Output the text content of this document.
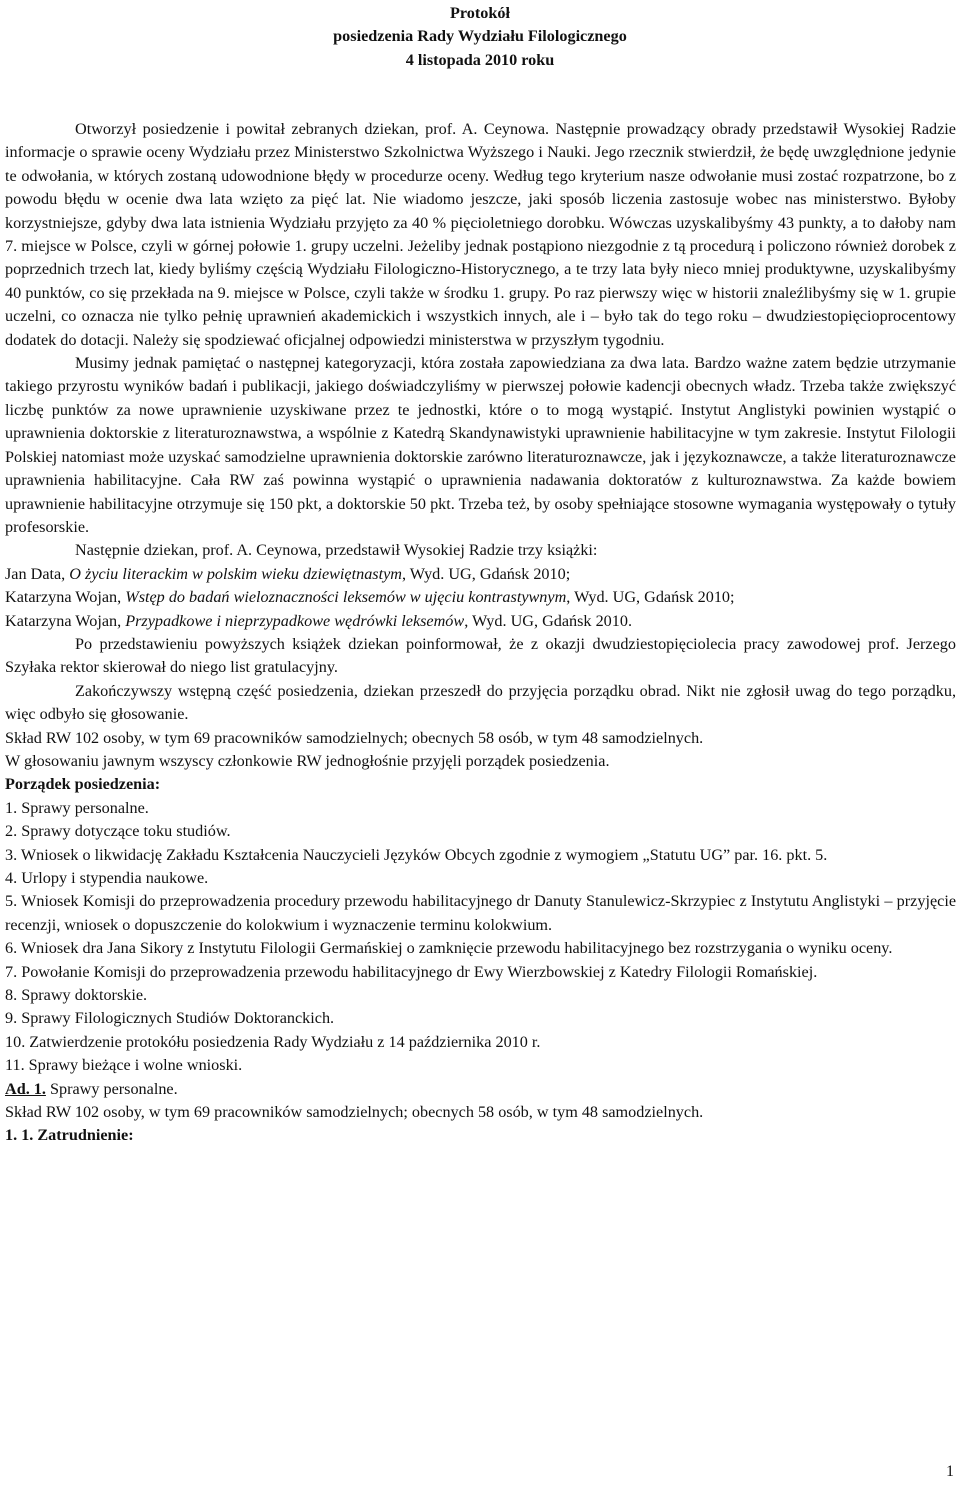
Protokół
posiedzenia Rady Wydziału Filologicznego
4 listopada 2010 roku

Otworzył posiedzenie i powitał zebranych dziekan, prof. A. Ceynowa. Następnie prowadzący obrady przedstawił Wysokiej Radzie informacje o sprawie oceny Wydziału przez Ministerstwo Szkolnictwa Wyższego i Nauki. Jego rzecznik stwierdził, że będę uwzględnione jedynie te odwołania, w których zostaną udowodnione błędy w procedurze oceny. Według tego kryterium nasze odwołanie musi zostać rozpatrzone, bo z powodu błędu w ocenie dwa lata wzięto za pięć lat. Nie wiadomo jeszcze, jaki sposób liczenia zastosuje wobec nas ministerstwo. Byłoby korzystniejsze, gdyby dwa lata istnienia Wydziału przyjęto za 40 % pięcioletniego dorobku. Wówczas uzyskalibyśmy 43 punkty, a to dałoby nam 7. miejsce w Polsce, czyli w górnej połowie 1. grupy uczelni. Jeżeliby jednak postąpiono niezgodnie z tą procedurą i policzono również dorobek z poprzednich trzech lat, kiedy byliśmy częścią Wydziału Filologiczno-Historycznego, a te trzy lata były nieco mniej produktywne, uzyskalibyśmy 40 punktów, co się przekłada na 9. miejsce w Polsce, czyli także w środku 1. grupy. Po raz pierwszy więc w historii znaleźlibyśmy się w 1. grupie uczelni, co oznacza nie tylko pełnię uprawnień akademickich i wszystkich innych, ale i – było tak do tego roku – dwudziestopięcioprocentowy dodatek do dotacji. Należy się spodziewać oficjalnej odpowiedzi ministerstwa w przyszłym tygodniu.

Musimy jednak pamiętać o następnej kategoryzacji, która została zapowiedziana za dwa lata. Bardzo ważne zatem będzie utrzymanie takiego przyrostu wyników badań i publikacji, jakiego doświadczyliśmy w pierwszej połowie kadencji obecnych władz. Trzeba także zwiększyć liczbę punktów za nowe uprawnienie uzyskiwane przez te jednostki, które o to mogą wystąpić. Instytut Anglistyki powinien wystąpić o uprawnienia doktorskie z literaturoznawstwa, a wspólnie z Katedrą Skandynawistyki uprawnienie habilitacyjne w tym zakresie. Instytut Filologii Polskiej natomiast może uzyskać samodzielne uprawnienia doktorskie zarówno literaturoznawcze, jak i językoznawcze, a także literaturoznawcze uprawnienia habilitacyjne. Cała RW zaś powinna wystąpić o uprawnienia nadawania doktoratów z kulturoznawstwa. Za każde bowiem uprawnienie habilitacyjne otrzymuje się 150 pkt, a doktorskie 50 pkt. Trzeba też, by osoby spełniające stosowne wymagania występowały o tytuły profesorskie.

Następnie dziekan, prof. A. Ceynowa, przedstawił Wysokiej Radzie trzy książki:

Jan Data, O życiu literackim w polskim wieku dziewiętnastym, Wyd. UG, Gdańsk 2010;

Katarzyna Wojan, Wstęp do badań wieloznaczności leksemów w ujęciu kontrastywnym, Wyd. UG, Gdańsk 2010;

Katarzyna Wojan, Przypadkowe i nieprzypadkowe wędrówki leksemów, Wyd. UG, Gdańsk 2010.

Po przedstawieniu powyższych książek dziekan poinformował, że z okazji dwudziestopięciolecia pracy zawodowej prof. Jerzego Szyłaka rektor skierował do niego list gratulacyjny.

Zakończywszy wstępną część posiedzenia, dziekan przeszedł do przyjęcia porządku obrad. Nikt nie zgłosił uwag do tego porządku, więc odbyło się głosowanie.

Skład RW 102 osoby, w tym 69 pracowników samodzielnych; obecnych 58 osób, w tym 48 samodzielnych.

W głosowaniu jawnym wszyscy członkowie RW jednogłośnie przyjęli porządek posiedzenia.

Porządek posiedzenia:

1. Sprawy personalne.

2. Sprawy dotyczące toku studiów.

3. Wniosek o likwidację Zakładu Kształcenia Nauczycieli Języków Obcych zgodnie z wymogiem „Statutu UG” par. 16. pkt. 5.

4. Urlopy i stypendia naukowe.

5. Wniosek Komisji do przeprowadzenia procedury przewodu habilitacyjnego dr Danuty Stanulewicz-Skrzypiec z Instytutu Anglistyki – przyjęcie recenzji, wniosek o dopuszczenie do kolokwium i wyznaczenie terminu kolokwium.

6. Wniosek dra Jana Sikory z Instytutu Filologii Germańskiej o zamknięcie przewodu habilitacyjnego bez rozstrzygania o wyniku oceny.

7. Powołanie Komisji do przeprowadzenia przewodu habilitacyjnego dr Ewy Wierzbowskiej z Katedry Filologii Romańskiej.

8. Sprawy doktorskie.

9. Sprawy Filologicznych Studiów Doktoranckich.

10. Zatwierdzenie protokółu posiedzenia Rady Wydziału z 14 października 2010 r.

11. Sprawy bieżące i wolne wnioski.

Ad. 1. Sprawy personalne.

Skład RW 102 osoby, w tym 69 pracowników samodzielnych; obecnych 58 osób, w tym 48 samodzielnych.

1. 1. Zatrudnienie:

1
